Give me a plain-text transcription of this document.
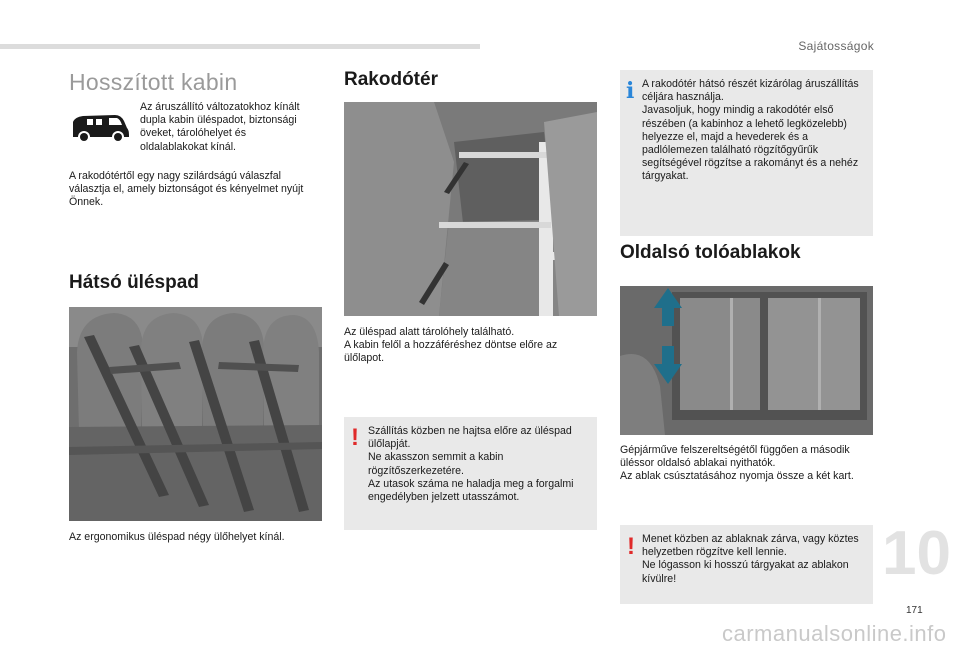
Sajátosságok
Hosszított kabin
Az áruszállító változatokhoz kínált dupla kabin üléspadot, biztonsági öveket, tárolóhelyet és oldalablakokat kínál.
A rakodótértől egy nagy szilárdságú válaszfal választja el, amely biztonságot és kényelmet nyújt Önnek.
Hátsó üléspad
Az ergonomikus üléspad négy ülőhelyet kínál.
Rakodótér
Az üléspad alatt tárolóhely található.
A kabin felől a hozzáféréshez döntse előre az ülőlapot.
! Szállítás közben ne hajtsa előre az üléspad ülőlapját.
Ne akasszon semmit a kabin rögzítőszerkezetére.
Az utasok száma ne haladja meg a forgalmi engedélyben jelzett utasszámot.
i A rakodótér hátsó részét kizárólag áruszállítás céljára használja.
Javasoljuk, hogy mindig a rakodótér első részében (a kabinhoz a lehető legközelebb) helyezze el, majd a hevederek és a padlólemezen található rögzítőgyűrűk segítségével rögzítse a rakományt és a nehéz tárgyakat.
Oldalsó tolóablakok
Gépjárműve felszereltségétől függően a második üléssor oldalsó ablakai nyithatók.
Az ablak csúsztatásához nyomja össze a két kart.
! Menet közben az ablaknak zárva, vagy köztes helyzetben rögzítve kell lennie.
Ne lógasson ki hosszú tárgyakat az ablakon kívülre!	10
171
carmanualsonline.info
